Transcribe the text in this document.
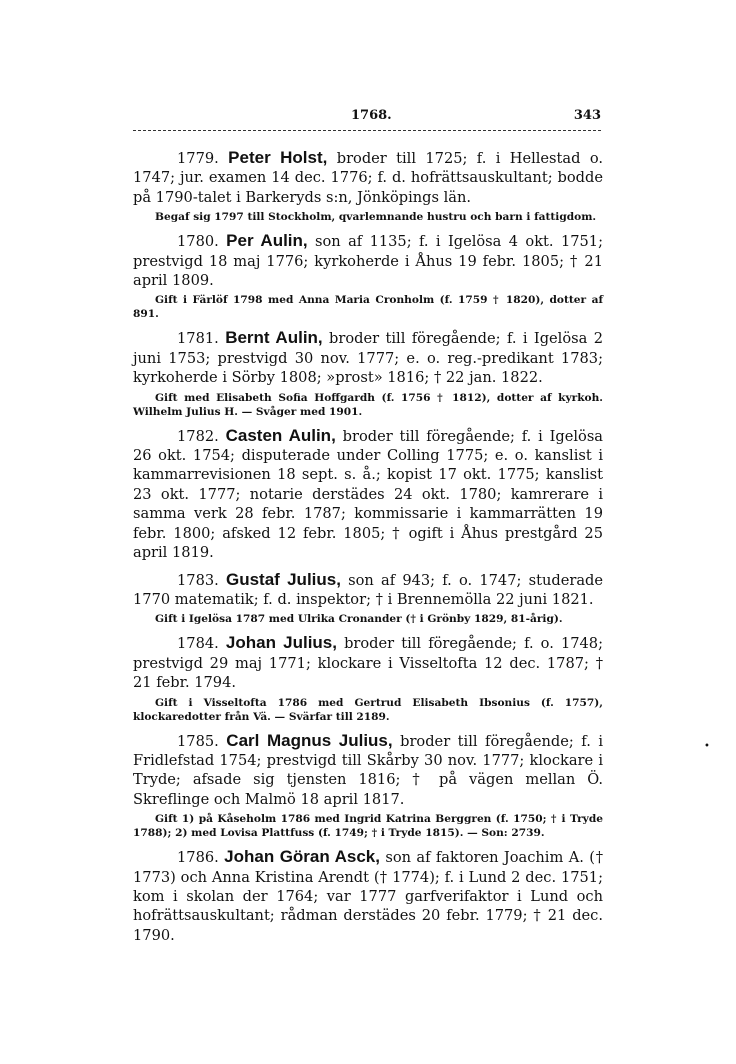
1768.	343

1779. Peter Holst, broder till 1725; f. i Hellestad o. 1747; jur. examen 14 dec. 1776; f. d. hofrättsauskultant; bodde på 1790-talet i Barkeryds s:n, Jönköpings län.

Begaf sig 1797 till Stockholm, qvarlemnande hustru och barn i fattigdom.

1780. Per Aulin, son af 1135; f. i Igelösa 4 okt. 1751; prestvigd 18 maj 1776; kyrkoherde i Åhus 19 febr. 1805; † 21 april 1809.

Gift i Färlöf 1798 med Anna Maria Cronholm (f. 1759 † 1820), dotter af 891.

1781. Bernt Aulin, broder till föregående; f. i Igelösa 2 juni 1753; prestvigd 30 nov. 1777; e. o. reg.-predikant 1783; kyrkoherde i Sörby 1808; »prost» 1816; † 22 jan. 1822.

Gift med Elisabeth Sofia Hoffgardh (f. 1756 † 1812), dotter af kyrkoh. Wilhelm Julius H. — Svåger med 1901.

1782. Casten Aulin, broder till föregående; f. i Igelösa 26 okt. 1754; disputerade under Colling 1775; e. o. kanslist i kammarrevisionen 18 sept. s. å.; kopist 17 okt. 1775; kanslist 23 okt. 1777; notarie derstädes 24 okt. 1780; kamrerare i samma verk 28 febr. 1787; kommissarie i kammarrätten 19 febr. 1800; afsked 12 febr. 1805; † ogift i Åhus prestgård 25 april 1819.

1783. Gustaf Julius, son af 943; f. o. 1747; studerade 1770 matematik; f. d. inspektor; † i Brennemölla 22 juni 1821.

Gift i Igelösa 1787 med Ulrika Cronander († i Grönby 1829, 81-årig).

1784. Johan Julius, broder till föregående; f. o. 1748; prestvigd 29 maj 1771; klockare i Visseltofta 12 dec. 1787; † 21 febr. 1794.

Gift i Visseltofta 1786 med Gertrud Elisabeth Ibsonius (f. 1757), klockaredotter från Vä. — Svärfar till 2189.

1785. Carl Magnus Julius, broder till föregående; f. i Fridlefstad 1754; prestvigd till Skårby 30 nov. 1777; klockare i Tryde; afsade sig tjensten 1816; † på vägen mellan Ö. Skreflinge och Malmö 18 april 1817.

Gift 1) på Kåseholm 1786 med Ingrid Katrina Berggren (f. 1750; † i Tryde 1788); 2) med Lovisa Plattfuss (f. 1749; † i Tryde 1815). — Son: 2739.

1786. Johan Göran Asck, son af faktoren Joachim A. († 1773) och Anna Kristina Arendt († 1774); f. i Lund 2 dec. 1751; kom i skolan der 1764; var 1777 garfverifaktor i Lund och hofrättsauskultant; rådman derstädes 20 febr. 1779; † 21 dec. 1790.

•
